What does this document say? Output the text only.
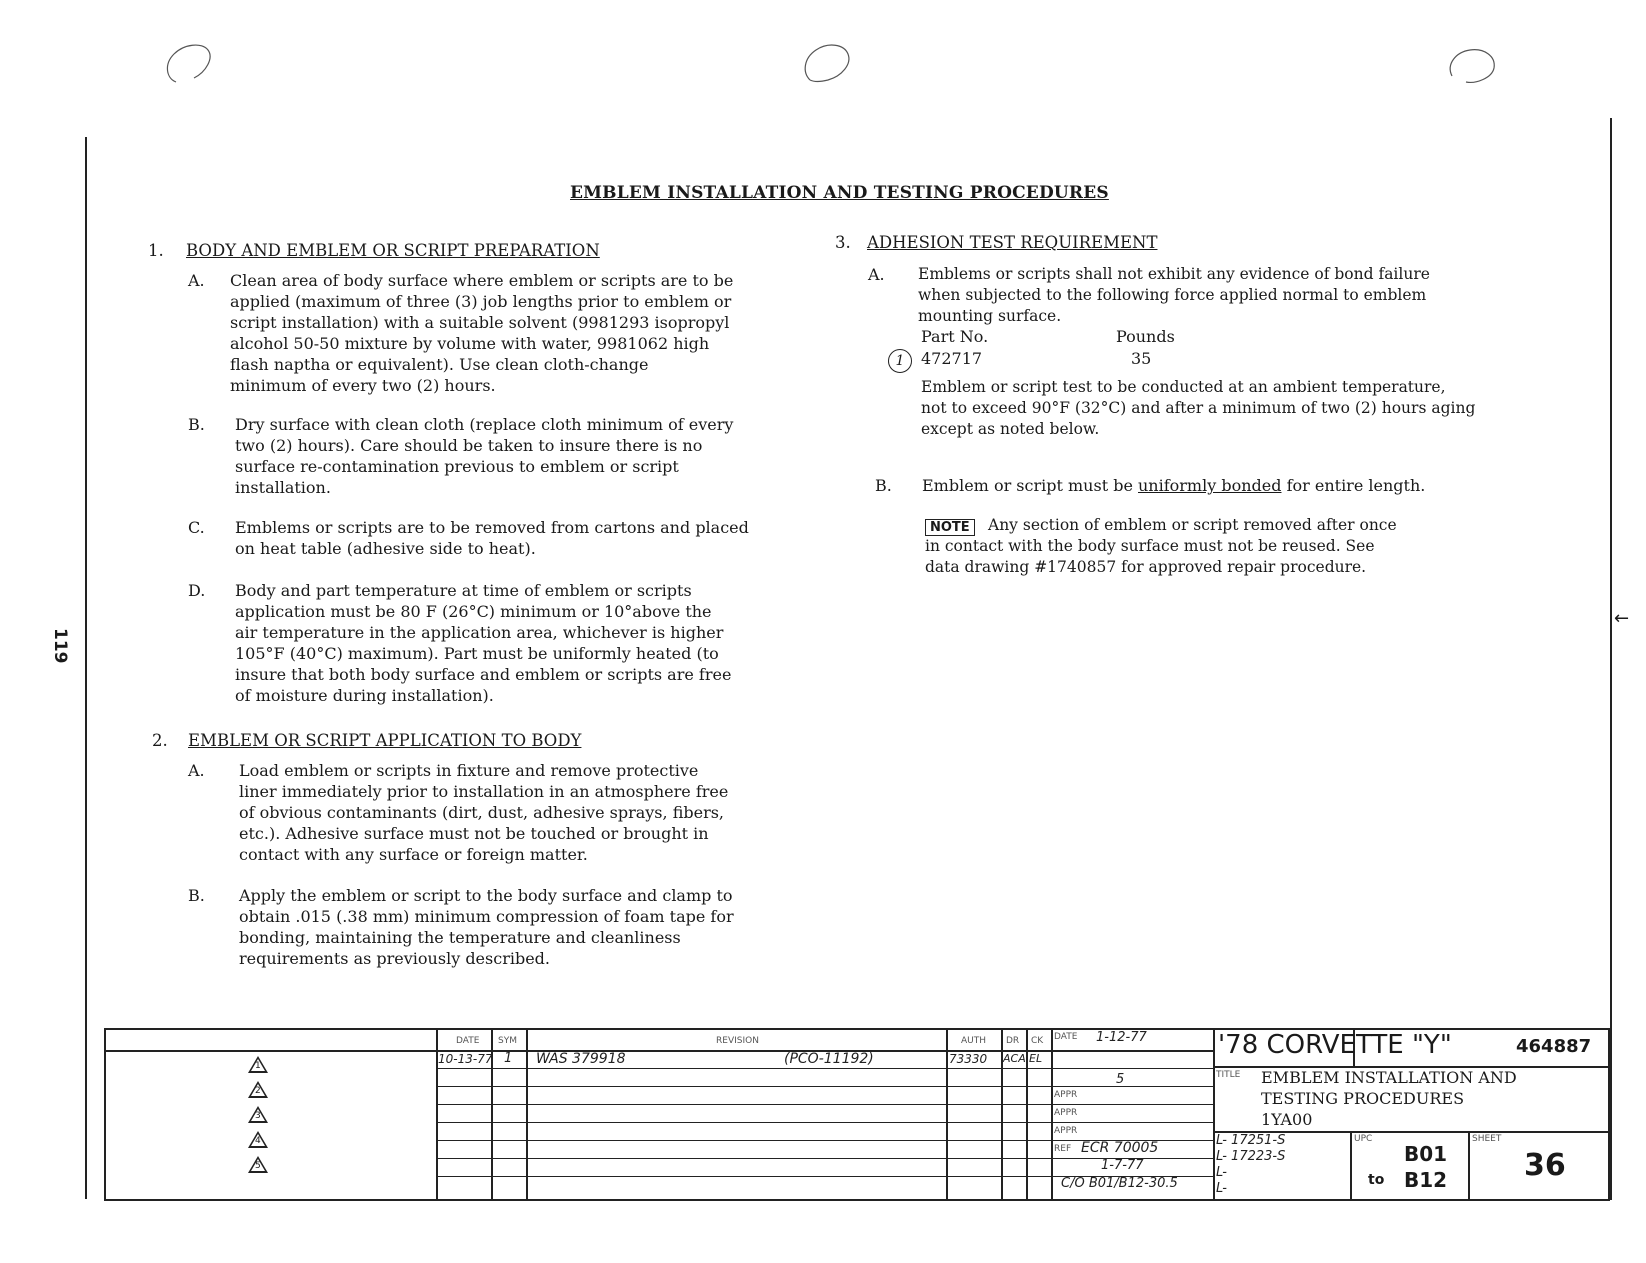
119
←
EMBLEM INSTALLATION AND TESTING PROCEDURES
1. BODY AND EMBLEM OR SCRIPT PREPARATION
A. Clean area of body surface where emblem or scripts are to be
applied (maximum of three (3) job lengths prior to emblem or
script installation) with a suitable solvent (9981293 isopropyl
alcohol 50-50 mixture by volume with water, 9981062 high
flash naptha or equivalent). Use clean cloth-change
minimum of every two (2) hours.
B. Dry surface with clean cloth (replace cloth minimum of every
two (2) hours). Care should be taken to insure there is no
surface re-contamination previous to emblem or script
installation.
C. Emblems or scripts are to be removed from cartons and placed
on heat table (adhesive side to heat).
D. Body and part temperature at time of emblem or scripts
application must be 80 F (26°C) minimum or 10°above the
air temperature in the application area, whichever is higher
105°F (40°C) maximum). Part must be uniformly heated (to
insure that both body surface and emblem or scripts are free
of moisture during installation).
2. EMBLEM OR SCRIPT APPLICATION TO BODY
A. Load emblem or scripts in fixture and remove protective
liner immediately prior to installation in an atmosphere free
of obvious contaminants (dirt, dust, adhesive sprays, fibers,
etc.). Adhesive surface must not be touched or brought in
contact with any surface or foreign matter.
B. Apply the emblem or script to the body surface and clamp to
obtain .015 (.38 mm) minimum compression of foam tape for
bonding, maintaining the temperature and cleanliness
requirements as previously described.
3. ADHESION TEST REQUIREMENT
A. Emblems or scripts shall not exhibit any evidence of bond failure
when subjected to the following force applied normal to emblem
mounting surface.
Part No.	Pounds
1	472717	35
Emblem or script test to be conducted at an ambient temperature,
not to exceed 90°F (32°C) and after a minimum of two (2) hours aging
except as noted below.
B. Emblem or script must be uniformly bonded for entire length.
NOTE	Any section of emblem or script removed after once
in contact with the body surface must not be reused. See
data drawing #1740857 for approved repair procedure.
DATE SYM	REVISION	AUTH DR CK
10-13-77 1 WAS 379918	(PCO-11192)	73330 ACA EL
1
2
3
4
5
DATE 1-12-77
APPR
5
APPR
APPR
REF ECR 70005
1-7-77
C/O B01/B12-30.5
'78 CORVETTE "Y"	464887
TITLE EMBLEM INSTALLATION AND
TESTING PROCEDURES
1YA00
L- 17251-S
L- 17223-S
L-
L-
UPC
B01
to B12
SHEET
36
